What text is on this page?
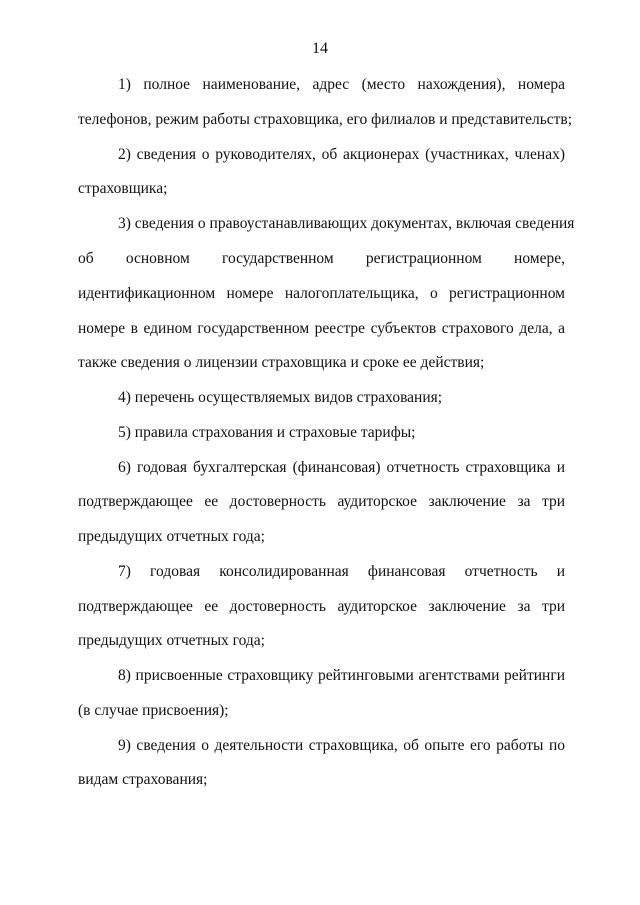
14
1) полное наименование, адрес (место нахождения), номера
телефонов, режим работы страховщика, его филиалов и представительств;
2) сведения о руководителях, об акционерах (участниках, членах)
страховщика;
3) сведения о правоустанавливающих документах, включая сведения
об основном государственном регистрационном номере,
идентификационном номере налогоплательщика, о регистрационном
номере в едином государственном реестре субъектов страхового дела, а
также сведения о лицензии страховщика и сроке ее действия;
4) перечень осуществляемых видов страхования;
5) правила страхования и страховые тарифы;
6) годовая бухгалтерская (финансовая) отчетность страховщика и
подтверждающее ее достоверность аудиторское заключение за три
предыдущих отчетных года;
7) годовая консолидированная финансовая отчетность и
подтверждающее ее достоверность аудиторское заключение за три
предыдущих отчетных года;
8) присвоенные страховщику рейтинговыми агентствами рейтинги
(в случае присвоения);
9) сведения о деятельности страховщика, об опыте его работы по
видам страхования;
